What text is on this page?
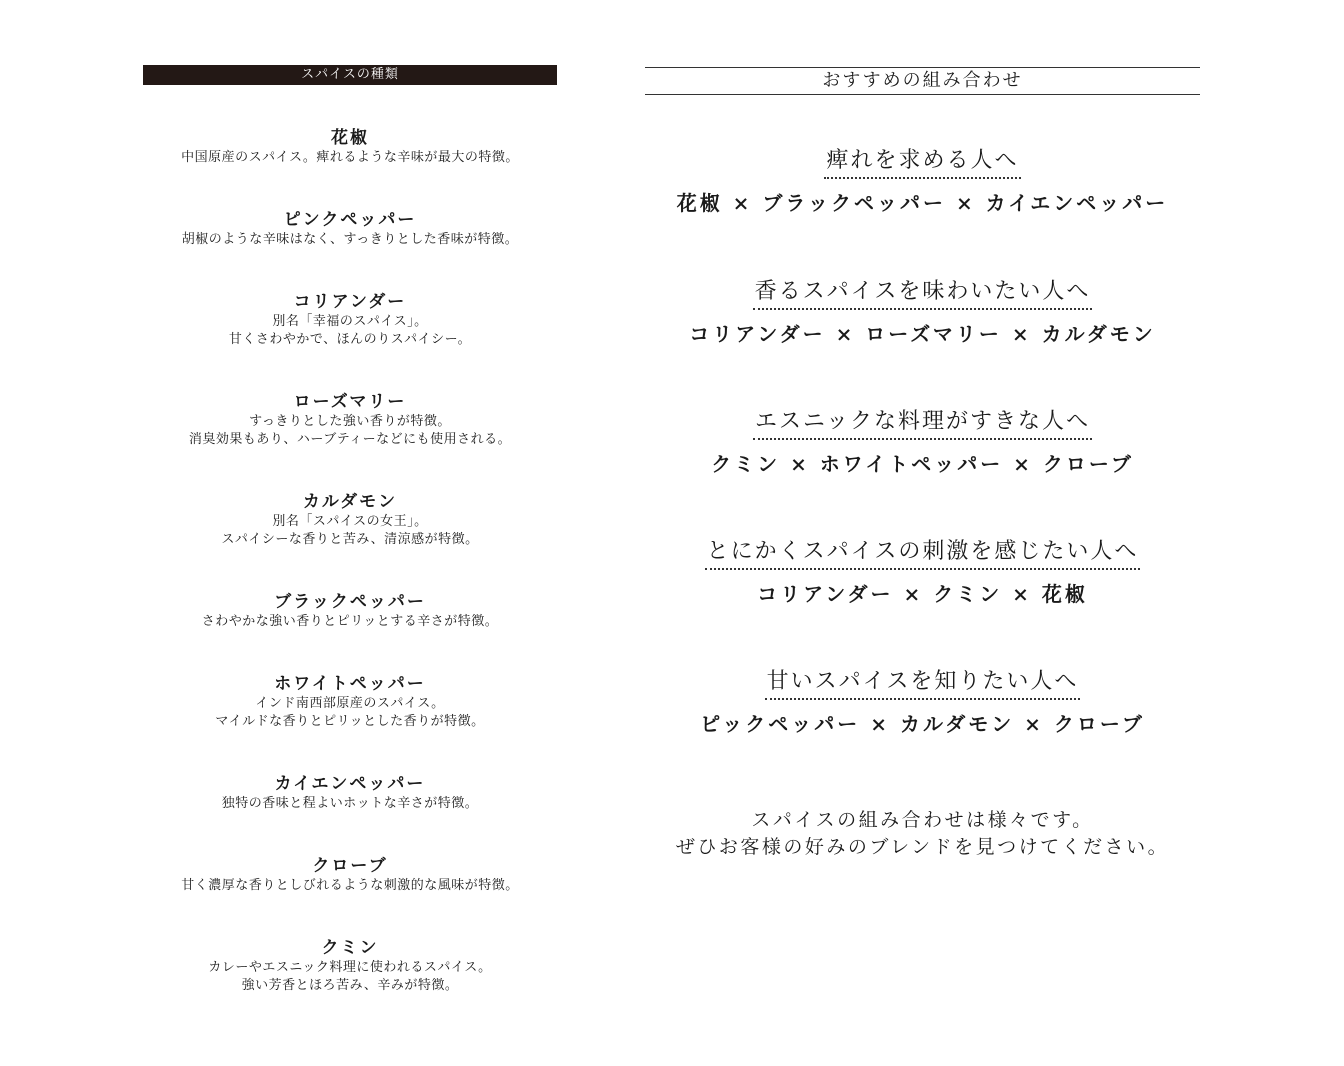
スパイスの種類
花椒
中国原産のスパイス。痺れるような辛味が最大の特徴。
ピンクペッパー
胡椒のような辛味はなく、すっきりとした香味が特徴。
コリアンダー
別名「幸福のスパイス」。
甘くさわやかで、ほんのりスパイシー。
ローズマリー
すっきりとした強い香りが特徴。
消臭効果もあり、ハーブティーなどにも使用される。
カルダモン
別名「スパイスの女王」。
スパイシーな香りと苦み、清涼感が特徴。
ブラックペッパー
さわやかな強い香りとピリッとする辛さが特徴。
ホワイトペッパー
インド南西部原産のスパイス。
マイルドな香りとピリッとした香りが特徴。
カイエンペッパー
独特の香味と程よいホットな辛さが特徴。
クローブ
甘く濃厚な香りとしびれるような刺激的な風味が特徴。
クミン
カレーやエスニック料理に使われるスパイス。
強い芳香とほろ苦み、辛みが特徴。
おすすめの組み合わせ
痺れを求める人へ
花椒 × ブラックペッパー × カイエンペッパー
香るスパイスを味わいたい人へ
コリアンダー × ローズマリー × カルダモン
エスニックな料理がすきな人へ
クミン × ホワイトペッパー × クローブ
とにかくスパイスの刺激を感じたい人へ
コリアンダー × クミン × 花椒
甘いスパイスを知りたい人へ
ピックペッパー × カルダモン × クローブ
スパイスの組み合わせは様々です。
ぜひお客様の好みのブレンドを見つけてください。
